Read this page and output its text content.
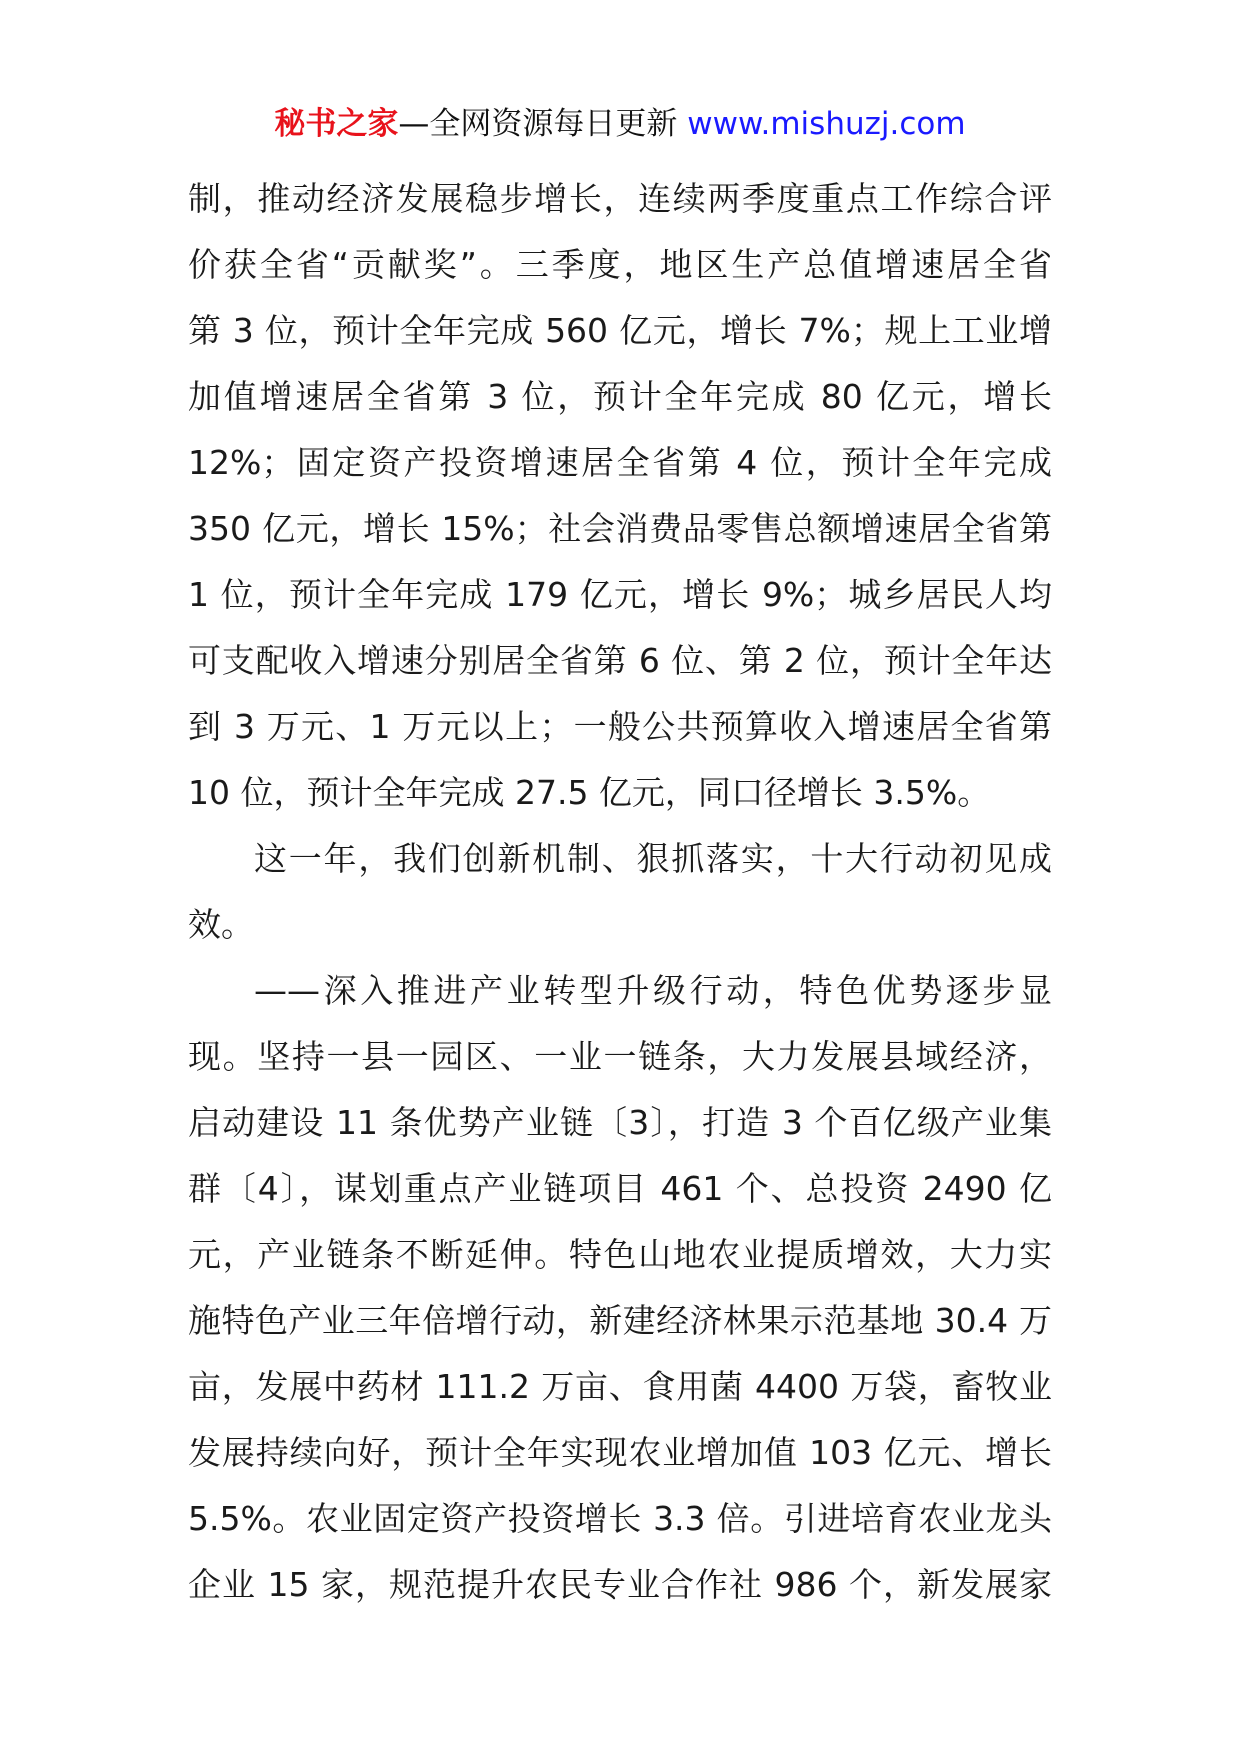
秘书之家—全网资源每日更新 www.mishuzj.com
制，推动经济发展稳步增长，连续两季度重点工作综合评
价获全省“贡献奖”。三季度，地区生产总值增速居全省
第 3 位，预计全年完成 560 亿元，增长 7%；规上工业增
加值增速居全省第 3 位，预计全年完成 80 亿元，增长
12%；固定资产投资增速居全省第 4 位，预计全年完成
350 亿元，增长 15%；社会消费品零售总额增速居全省第
1 位，预计全年完成 179 亿元，增长 9%；城乡居民人均
可支配收入增速分别居全省第 6 位、第 2 位，预计全年达
到 3 万元、1 万元以上；一般公共预算收入增速居全省第
10 位，预计全年完成 27.5 亿元，同口径增长 3.5%。
这一年，我们创新机制、狠抓落实，十大行动初见成
效。
——深入推进产业转型升级行动，特色优势逐步显
现。坚持一县一园区、一业一链条，大力发展县域经济，
启动建设 11 条优势产业链〔3〕，打造 3 个百亿级产业集
群〔4〕，谋划重点产业链项目 461 个、总投资 2490 亿
元，产业链条不断延伸。特色山地农业提质增效，大力实
施特色产业三年倍增行动，新建经济林果示范基地 30.4 万
亩，发展中药材 111.2 万亩、食用菌 4400 万袋，畜牧业
发展持续向好，预计全年实现农业增加值 103 亿元、增长
5.5%。农业固定资产投资增长 3.3 倍。引进培育农业龙头
企业 15 家，规范提升农民专业合作社 986 个，新发展家
